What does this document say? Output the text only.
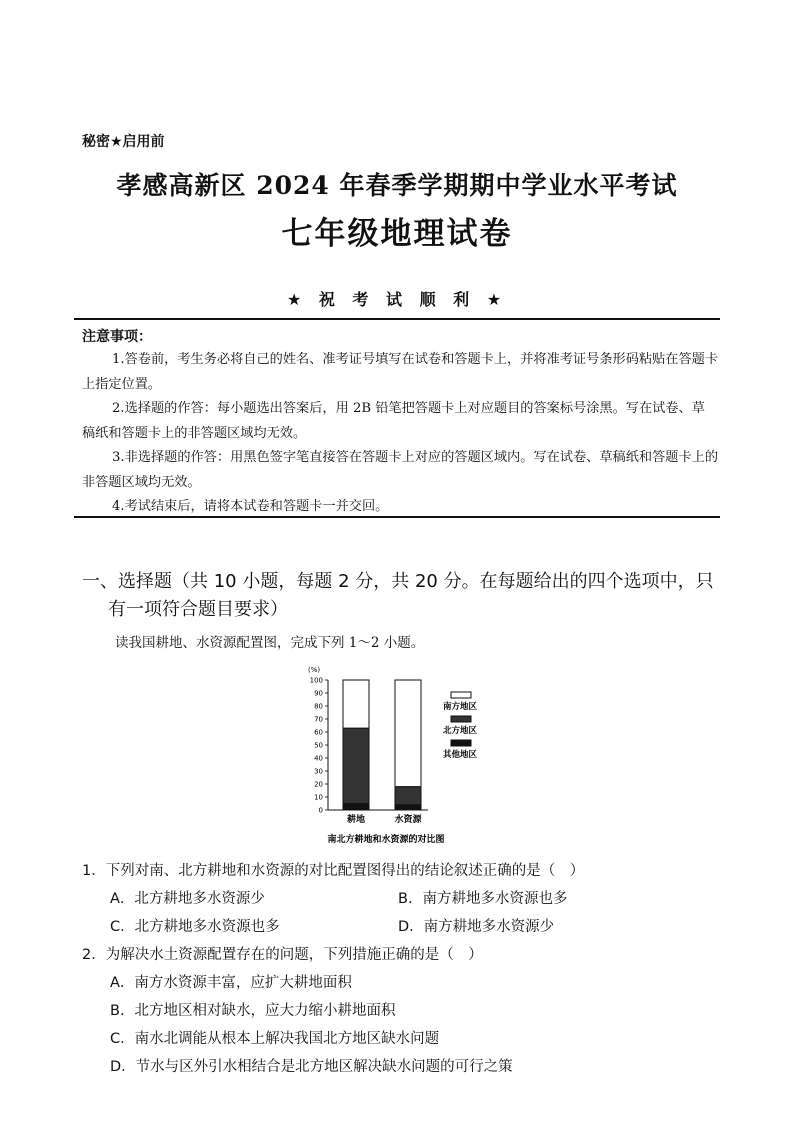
秘密★启用前
孝感高新区 2024 年春季学期期中学业水平考试
七年级地理试卷
★ 祝 考 试 顺 利 ★
注意事项：

1.答卷前，考生务必将自己的姓名、准考证号填写在试卷和答题卡上，并将准考证号条形码粘贴在答题卡上指定位置。

2.选择题的作答：每小题选出答案后，用 2B 铅笔把答题卡上对应题目的答案标号涂黑。写在试卷、草稿纸和答题卡上的非答题区域均无效。

3.非选择题的作答：用黑色签字笔直接答在答题卡上对应的答题区域内。写在试卷、草稿纸和答题卡上的非答题区域均无效。

4.考试结束后，请将本试卷和答题卡一并交回。

一、选择题（共 10 小题，每题 2 分，共 20 分。在每题给出的四个选项中，只
有一项符合题目要求）
读我国耕地、水资源配置图，完成下列 1～2 小题。
(%)
0
10
20
30
40
50
60
70
80
90
100
耕地	水资源
南方地区
北方地区
其他地区
南北方耕地和水资源的对比图
1．下列对南、北方耕地和水资源的对比配置图得出的结论叙述正确的是（　）
A．北方耕地多水资源少	B．南方耕地多水资源也多
C．北方耕地多水资源也多	D．南方耕地多水资源少
2．为解决水土资源配置存在的问题，下列措施正确的是（　）
A．南方水资源丰富，应扩大耕地面积
B．北方地区相对缺水，应大力缩小耕地面积
C．南水北调能从根本上解决我国北方地区缺水问题
D．节水与区外引水相结合是北方地区解决缺水问题的可行之策
